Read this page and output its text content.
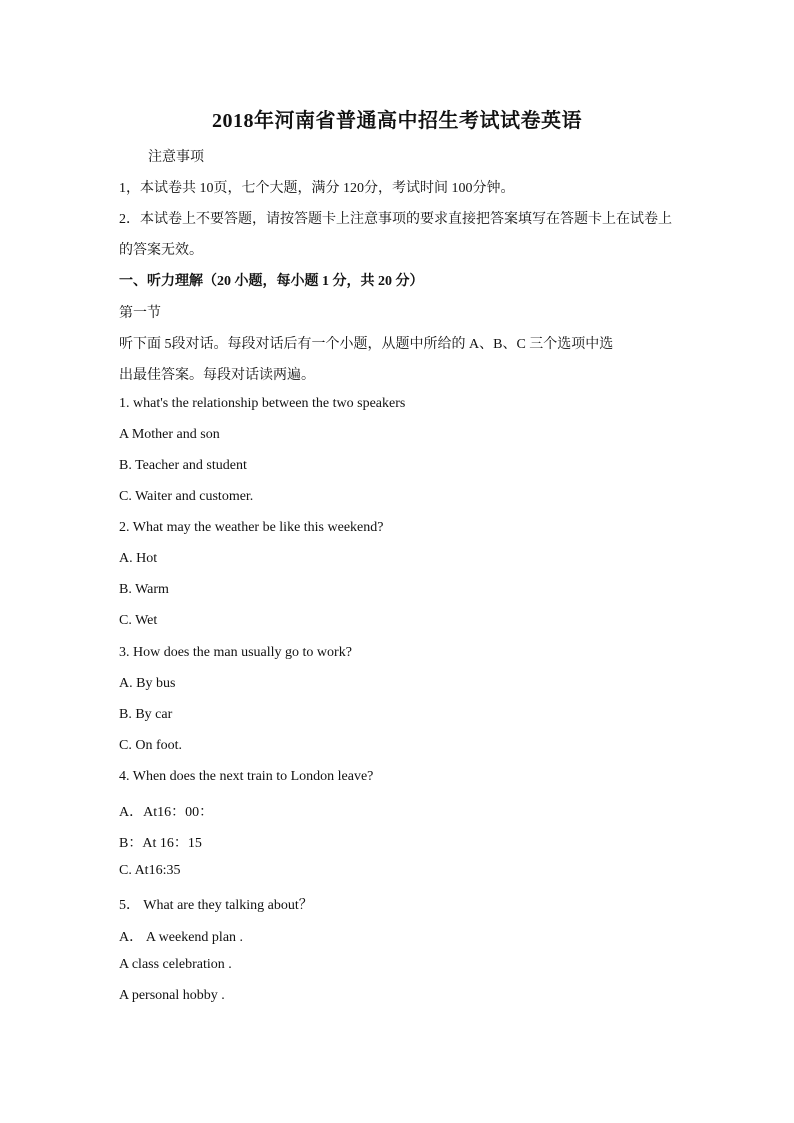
2018年河南省普通高中招生考试试卷英语
注意事项
1，本试卷共 10页，七个大题，满分 120分，考试时间 100分钟。
2．本试卷上不要答题，请按答题卡上注意事项的要求直接把答案填写在答题卡上在试卷上
的答案无效。
一、听力理解（20 小题，每小题 1 分，共 20 分）
第一节
听下面 5段对话。每段对话后有一个小题，从题中所给的 A、B、C 三个选项中选
出最佳答案。每段对话读两遍。
1. what's the relationship between the two speakers
A Mother and son
B. Teacher and student
C. Waiter and customer.
2. What may the weather be like this weekend?
A. Hot
B. Warm
C. Wet
3. How does the man usually go to work?
A. By bus
B. By car
C. On foot.
4. When does the next train to London leave?
A．At16：00：
B：At 16：15
C. At16:35
5． What are they talking about？
A． A weekend plan .
A class celebration .
A personal hobby .
